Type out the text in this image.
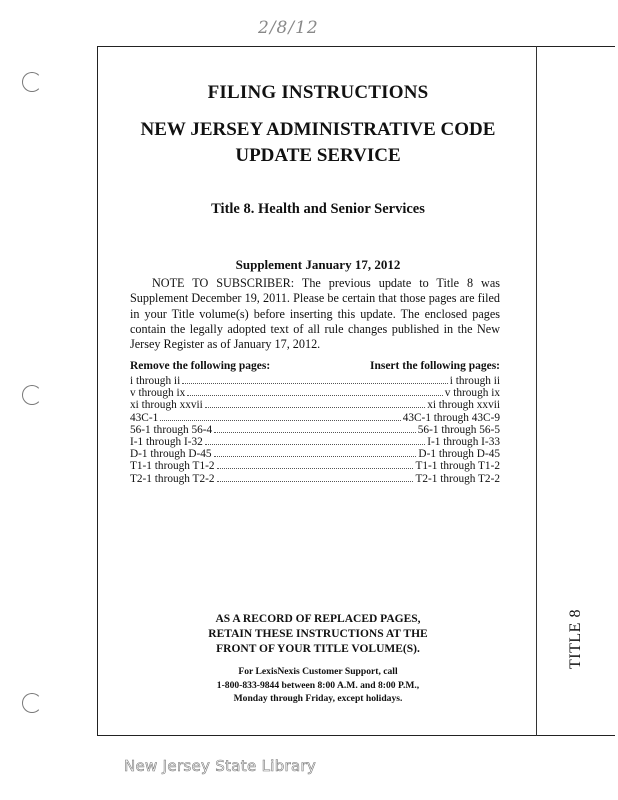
2/8/12
FILING INSTRUCTIONS
NEW JERSEY ADMINISTRATIVE CODE
UPDATE SERVICE
Title 8. Health and Senior Services

Supplement January 17, 2012

NOTE TO SUBSCRIBER: The previous update to Title 8 was Supplement December 19, 2011. Please be certain that those pages are filed in your Title volume(s) before inserting this update. The enclosed pages contain the legally adopted text of all rule changes published in the New Jersey Register as of January 17, 2012.

Remove the following pages:	Insert the following pages:
i through ii	i through ii
v through ix	v through ix
xi through xxvii	xi through xxvii
43C-1	43C-1 through 43C-9
56-1 through 56-4	56-1 through 56-5
I-1 through I-32	I-1 through I-33
D-1 through D-45	D-1 through D-45
T1-1 through T1-2	T1-1 through T1-2
T2-1 through T2-2	T2-1 through T2-2
AS A RECORD OF REPLACED PAGES,
RETAIN THESE INSTRUCTIONS AT THE
FRONT OF YOUR TITLE VOLUME(S).
For LexisNexis Customer Support, call
1-800-833-9844 between 8:00 A.M. and 8:00 P.M.,
Monday through Friday, except holidays.
TITLE 8
New Jersey State Library
